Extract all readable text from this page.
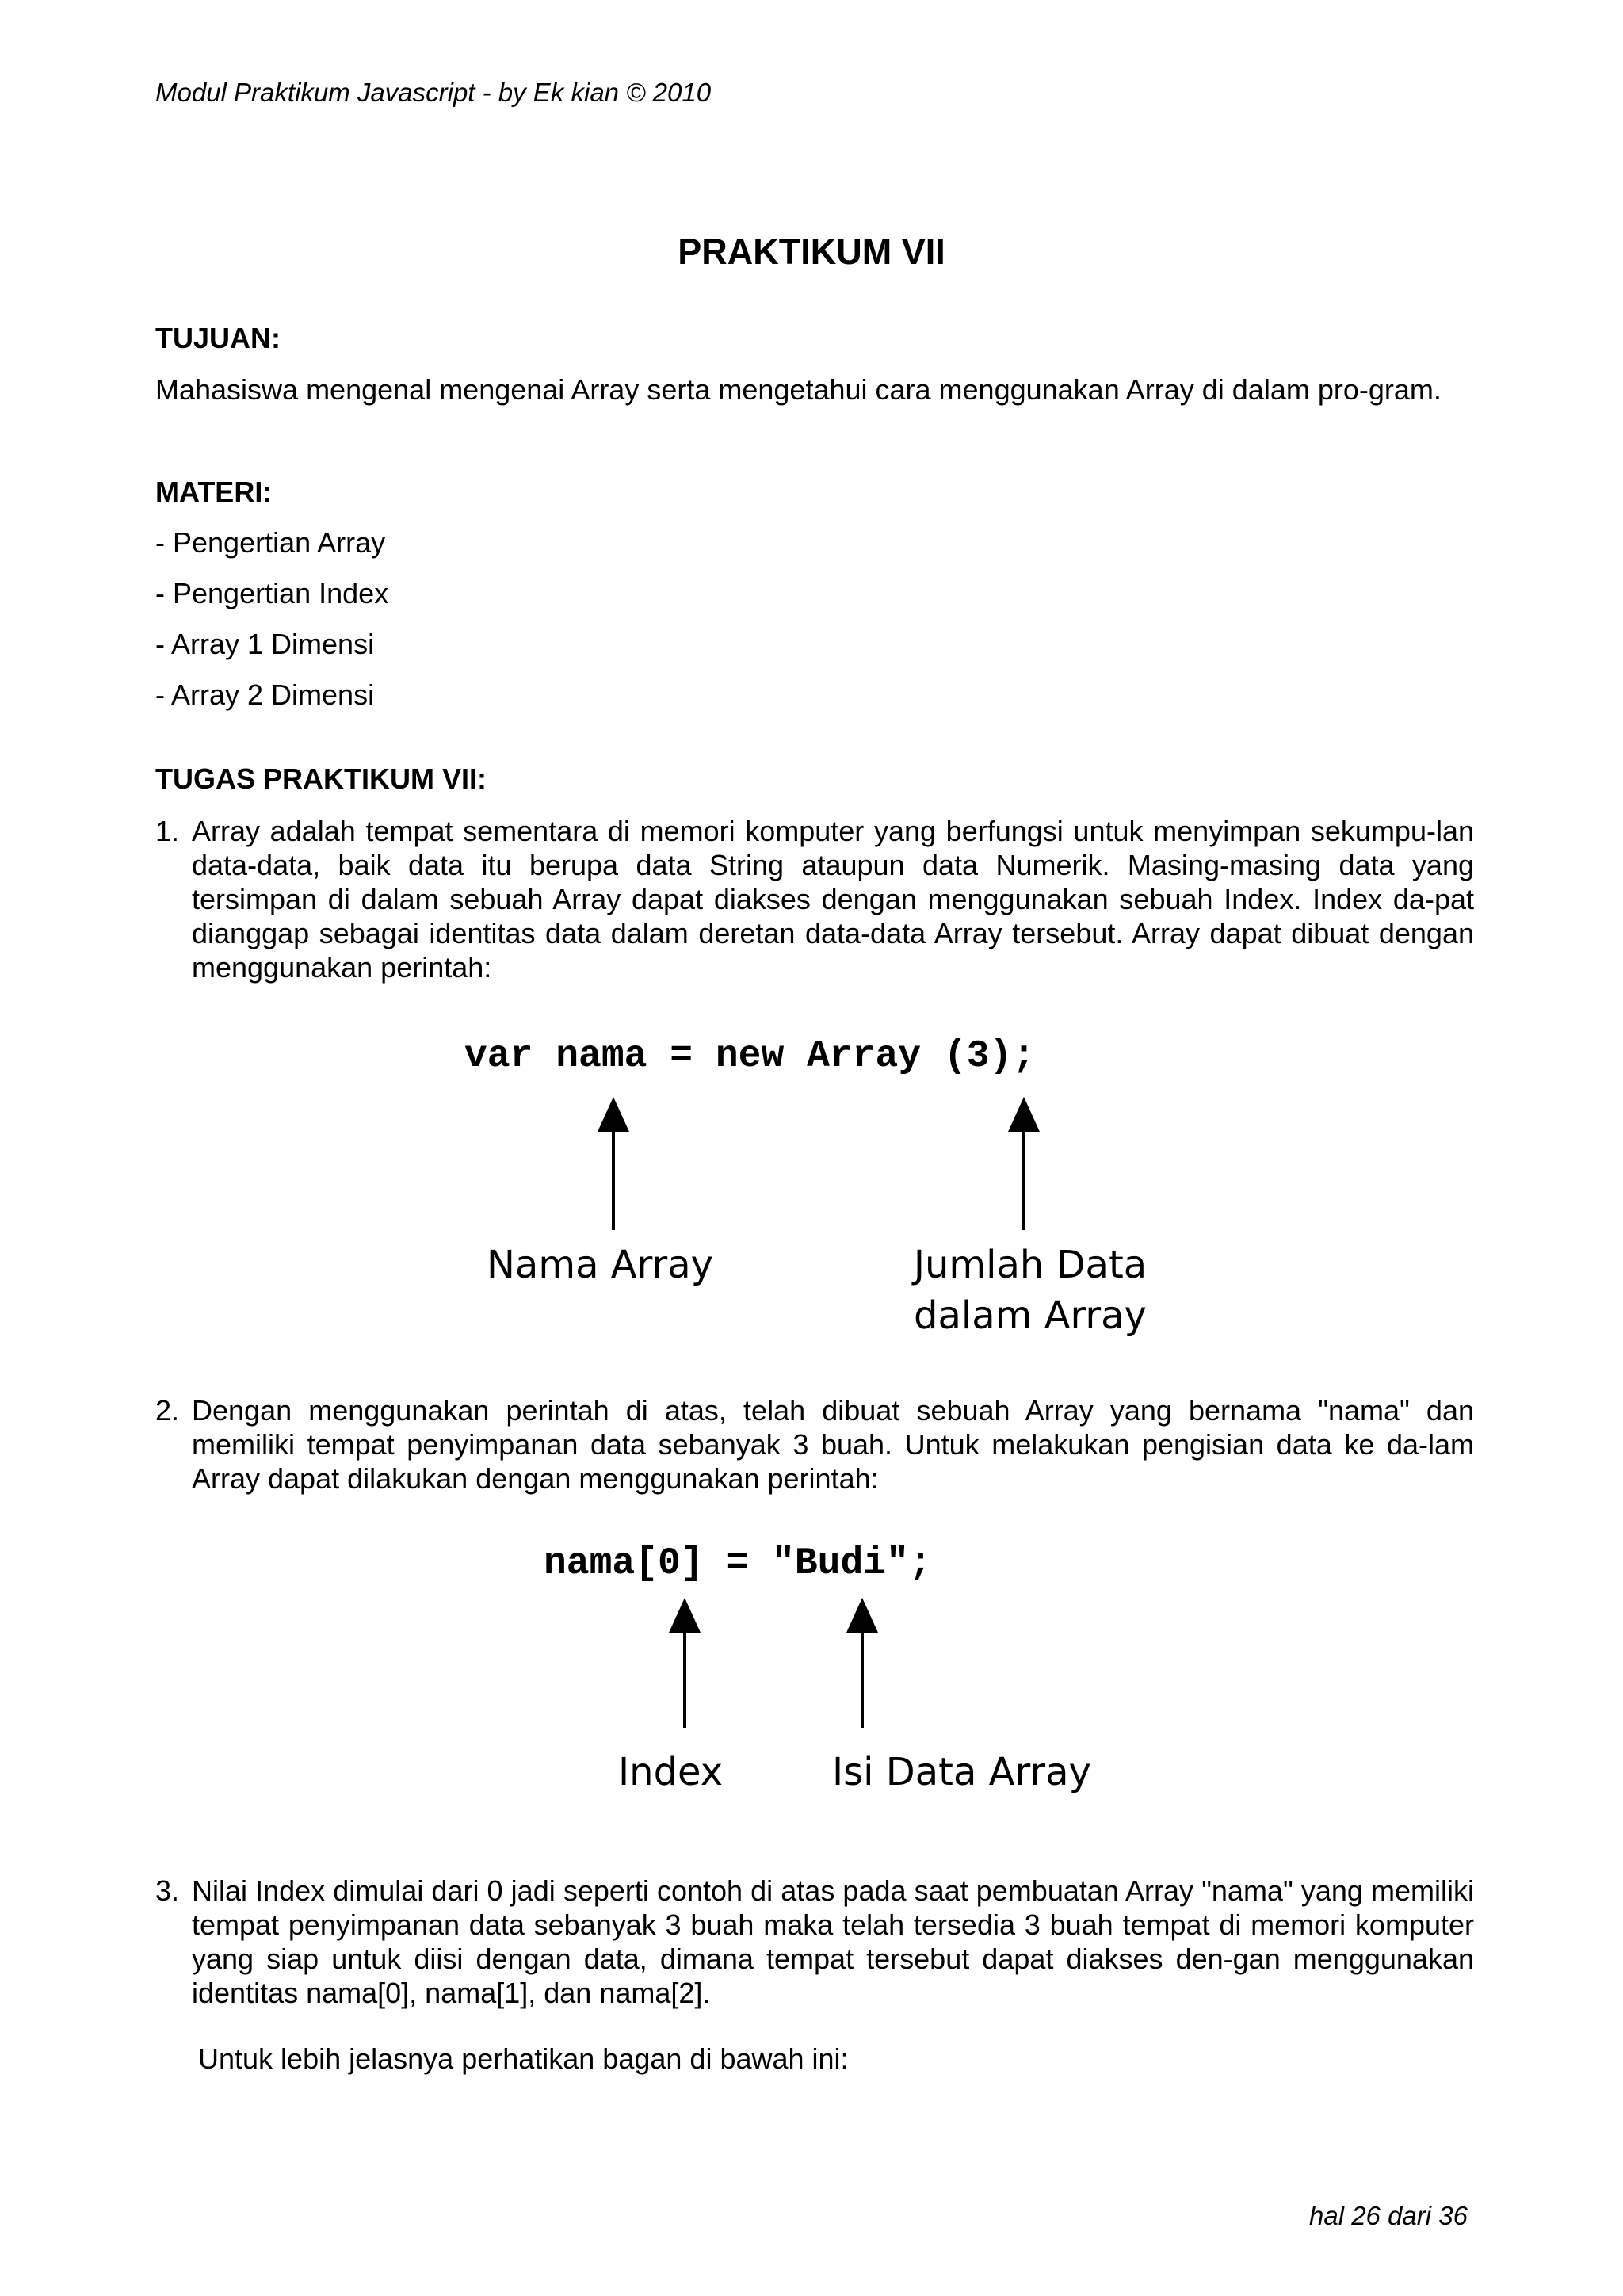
Modul Praktikum Javascript - by Ek kian © 2010
PRAKTIKUM VII
TUJUAN:
Mahasiswa mengenal mengenai Array serta mengetahui cara menggunakan Array di dalam pro-gram.
MATERI:
- Pengertian Array
- Pengertian Index
- Array 1 Dimensi
- Array 2 Dimensi
TUGAS PRAKTIKUM VII:
1. Array adalah tempat sementara di memori komputer yang berfungsi untuk menyimpan sekumpu-lan data-data, baik data itu berupa data String ataupun data Numerik. Masing-masing data yang tersimpan di dalam sebuah Array dapat diakses dengan menggunakan sebuah Index. Index da-pat dianggap sebagai identitas data dalam deretan data-data Array tersebut. Array dapat dibuat dengan menggunakan perintah:
var nama = new Array (3);
Nama Array	Jumlah Data
dalam Array
2. Dengan menggunakan perintah di atas, telah dibuat sebuah Array yang bernama "nama" dan memiliki tempat penyimpanan data sebanyak 3 buah. Untuk melakukan pengisian data ke da-lam Array dapat dilakukan dengan menggunakan perintah:
nama[0] = "Budi";
Index	Isi Data Array
3. Nilai Index dimulai dari 0 jadi seperti contoh di atas pada saat pembuatan Array "nama" yang memiliki tempat penyimpanan data sebanyak 3 buah maka telah tersedia 3 buah tempat di memori komputer yang siap untuk diisi dengan data, dimana tempat tersebut dapat diakses den-gan menggunakan identitas nama[0], nama[1], dan nama[2].
Untuk lebih jelasnya perhatikan bagan di bawah ini:
hal 26 dari 36
